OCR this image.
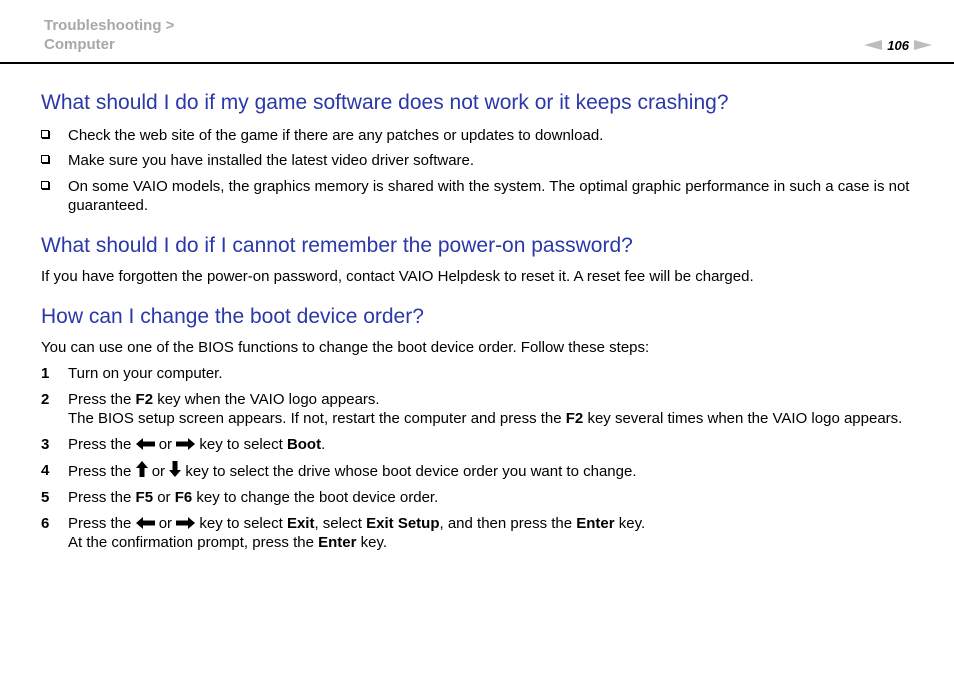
Troubleshooting >
Computer	106
What should I do if my game software does not work or it keeps crashing?
Check the web site of the game if there are any patches or updates to download.
Make sure you have installed the latest video driver software.
On some VAIO models, the graphics memory is shared with the system. The optimal graphic performance in such a case is not guaranteed.
What should I do if I cannot remember the power-on password?

If you have forgotten the power-on password, contact VAIO Helpdesk to reset it. A reset fee will be charged.

How can I change the boot device order?

You can use one of the BIOS functions to change the boot device order. Follow these steps:

1 Turn on your computer.
2 Press the F2 key when the VAIO logo appears.
The BIOS setup screen appears. If not, restart the computer and press the F2 key several times when the VAIO logo appears.
3 Press the  or  key to select Boot.
4 Press the  or  key to select the drive whose boot device order you want to change.
5 Press the F5 or F6 key to change the boot device order.
6 Press the  or  key to select Exit, select Exit Setup, and then press the Enter key.
At the confirmation prompt, press the Enter key.
